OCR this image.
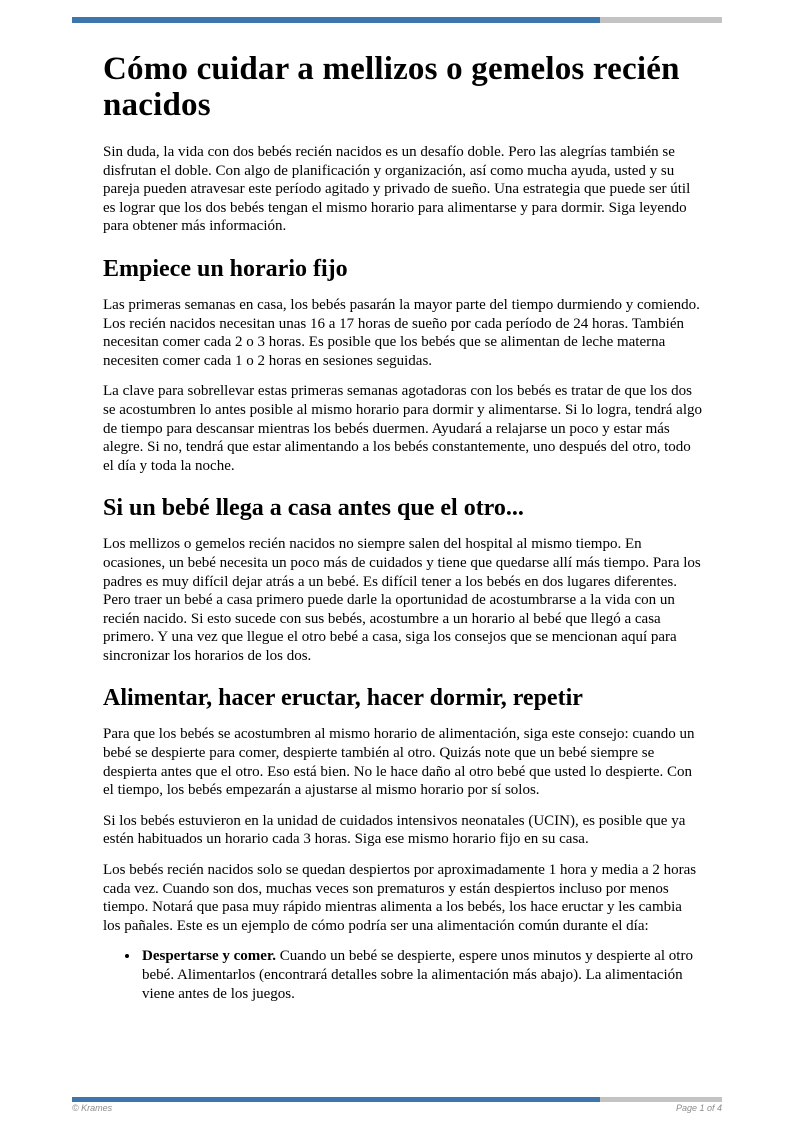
Cómo cuidar a mellizos o gemelos recién nacidos

Sin duda, la vida con dos bebés recién nacidos es un desafío doble. Pero las alegrías también se disfrutan el doble. Con algo de planificación y organización, así como mucha ayuda, usted y su pareja pueden atravesar este período agitado y privado de sueño. Una estrategia que puede ser útil es lograr que los dos bebés tengan el mismo horario para alimentarse y para dormir. Siga leyendo para obtener más información.

Empiece un horario fijo

Las primeras semanas en casa, los bebés pasarán la mayor parte del tiempo durmiendo y comiendo. Los recién nacidos necesitan unas 16 a 17 horas de sueño por cada período de 24 horas. También necesitan comer cada 2 o 3 horas. Es posible que los bebés que se alimentan de leche materna necesiten comer cada 1 o 2 horas en sesiones seguidas.

La clave para sobrellevar estas primeras semanas agotadoras con los bebés es tratar de que los dos se acostumbren lo antes posible al mismo horario para dormir y alimentarse. Si lo logra, tendrá algo de tiempo para descansar mientras los bebés duermen. Ayudará a relajarse un poco y estar más alegre. Si no, tendrá que estar alimentando a los bebés constantemente, uno después del otro, todo el día y toda la noche.

Si un bebé llega a casa antes que el otro...

Los mellizos o gemelos recién nacidos no siempre salen del hospital al mismo tiempo. En ocasiones, un bebé necesita un poco más de cuidados y tiene que quedarse allí más tiempo. Para los padres es muy difícil dejar atrás a un bebé. Es difícil tener a los bebés en dos lugares diferentes. Pero traer un bebé a casa primero puede darle la oportunidad de acostumbrarse a la vida con un recién nacido. Si esto sucede con sus bebés, acostumbre a un horario al bebé que llegó a casa primero. Y una vez que llegue el otro bebé a casa, siga los consejos que se mencionan aquí para sincronizar los horarios de los dos.

Alimentar, hacer eructar, hacer dormir, repetir

Para que los bebés se acostumbren al mismo horario de alimentación, siga este consejo: cuando un bebé se despierte para comer, despierte también al otro. Quizás note que un bebé siempre se despierta antes que el otro. Eso está bien. No le hace daño al otro bebé que usted lo despierte. Con el tiempo, los bebés empezarán a ajustarse al mismo horario por sí solos.

Si los bebés estuvieron en la unidad de cuidados intensivos neonatales (UCIN), es posible que ya estén habituados un horario cada 3 horas. Siga ese mismo horario fijo en su casa.

Los bebés recién nacidos solo se quedan despiertos por aproximadamente 1 hora y media a 2 horas cada vez. Cuando son dos, muchas veces son prematuros y están despiertos incluso por menos tiempo. Notará que pasa muy rápido mientras alimenta a los bebés, los hace eructar y les cambia los pañales. Este es un ejemplo de cómo podría ser una alimentación común durante el día:

• Despertarse y comer. Cuando un bebé se despierte, espere unos minutos y despierte al otro bebé. Alimentarlos (encontrará detalles sobre la alimentación más abajo). La alimentación viene antes de los juegos.
© Krames	Page 1 of 4
